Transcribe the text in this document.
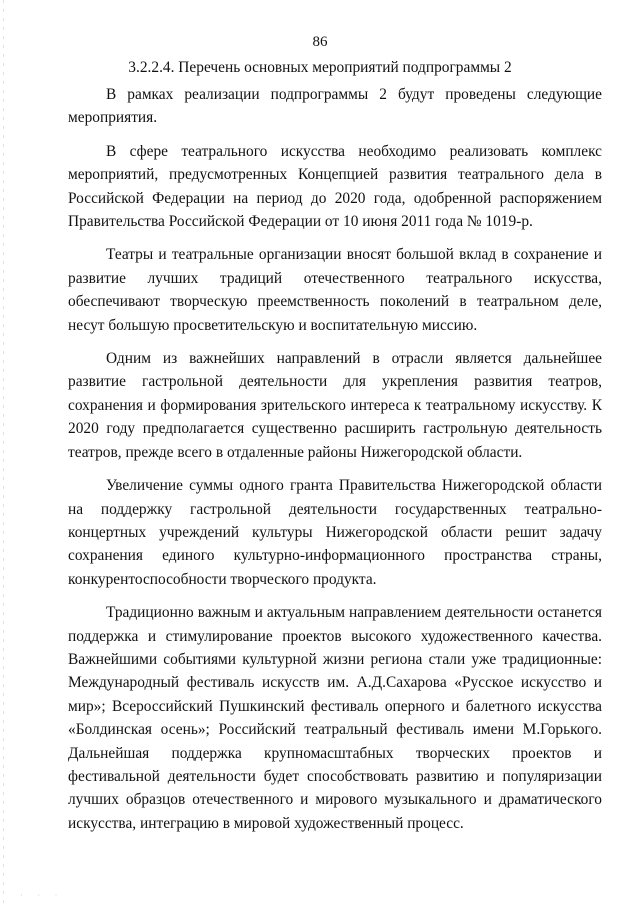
86
3.2.2.4. Перечень основных мероприятий подпрограммы 2

В рамках реализации подпрограммы 2 будут проведены следующие мероприятия.

В сфере театрального искусства необходимо реализовать комплекс мероприятий, предусмотренных Концепцией развития театрального дела в Российской Федерации на период до 2020 года, одобренной распоряжением Правительства Российской Федерации от 10 июня 2011 года № 1019-р.

Театры и театральные организации вносят большой вклад в сохранение и развитие лучших традиций отечественного театрального искусства, обеспечивают творческую преемственность поколений в театральном деле, несут большую просветительскую и воспитательную миссию.

Одним из важнейших направлений в отрасли является дальнейшее развитие гастрольной деятельности для укрепления развития театров, сохранения и формирования зрительского интереса к театральному искусству. К 2020 году предполагается существенно расширить гастрольную деятельность театров, прежде всего в отдаленные районы Нижегородской области.

Увеличение суммы одного гранта Правительства Нижегородской области на поддержку гастрольной деятельности государственных театрально-концертных учреждений культуры Нижегородской области решит задачу сохранения единого культурно-информационного пространства страны, конкурентоспособности творческого продукта.

Традиционно важным и актуальным направлением деятельности останется поддержка и стимулирование проектов высокого художественного качества. Важнейшими событиями культурной жизни региона стали уже традиционные: Международный фестиваль искусств им. А.Д.Сахарова «Русское искусство и мир»; Всероссийский Пушкинский фестиваль оперного и балетного искусства «Болдинская осень»; Российский театральный фестиваль имени М.Горького. Дальнейшая поддержка крупномасштабных творческих проектов и фестивальной деятельности будет способствовать развитию и популяризации лучших образцов отечественного и мирового музыкального и драматического искусства, интеграцию в мировой художественный процесс.

· · ·
